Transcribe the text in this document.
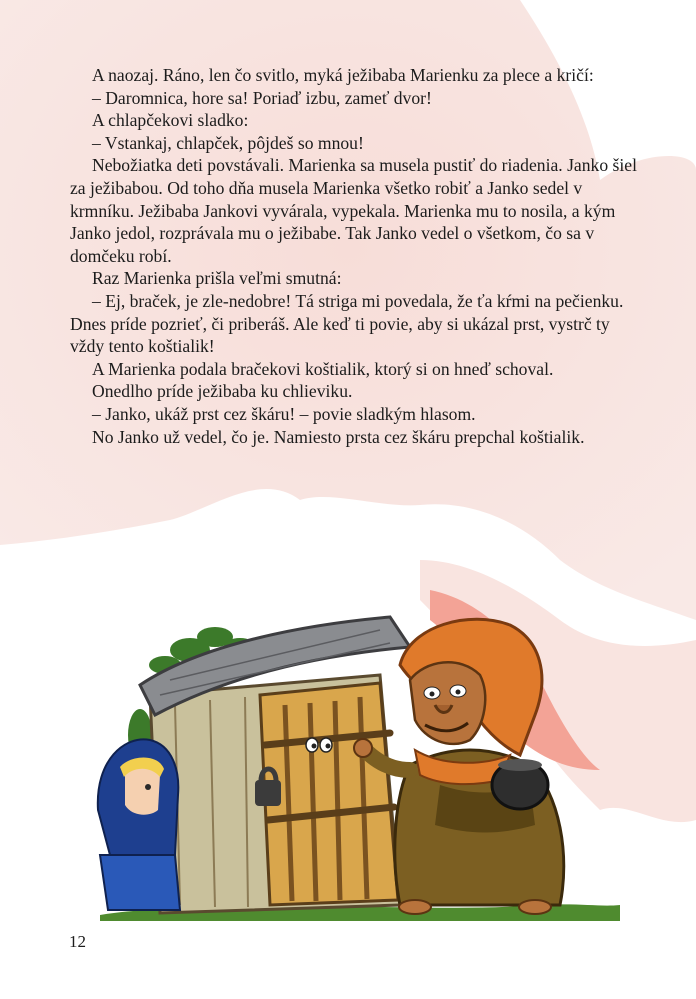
A naozaj. Ráno, len čo svitlo, myká ježibaba Marienku za plece a kričí:

– Daromnica, hore sa! Poriaď izbu, zameť dvor!

A chlapčekovi sladko:

– Vstankaj, chlapček, pôjdeš so mnou!

Nebožiatka deti povstávali. Marienka sa musela pustiť do riadenia. Janko šiel za ježibabou. Od toho dňa musela Marienka všetko robiť a Janko sedel v krmníku. Ježibaba Jankovi vyvárala, vypekala. Marienka mu to nosila, a kým Janko jedol, rozprávala mu o ježibabe. Tak Janko vedel o všetkom, čo sa v domčeku robí.

Raz Marienka prišla veľmi smutná:

– Ej, braček, je zle-nedobre! Tá striga mi povedala, že ťa kŕmi na pečienku. Dnes príde pozrieť, či priberáš. Ale keď ti povie, aby si ukázal prst, vystrč ty vždy tento koštialik!

A Marienka podala bračekovi koštialik, ktorý si on hneď schoval.

Onedlho príde ježibaba ku chlieviku.

– Janko, ukáž prst cez škáru! – povie sladkým hlasom.

No Janko už vedel, čo je. Namiesto prsta cez škáru prepchal koštialik.

12
